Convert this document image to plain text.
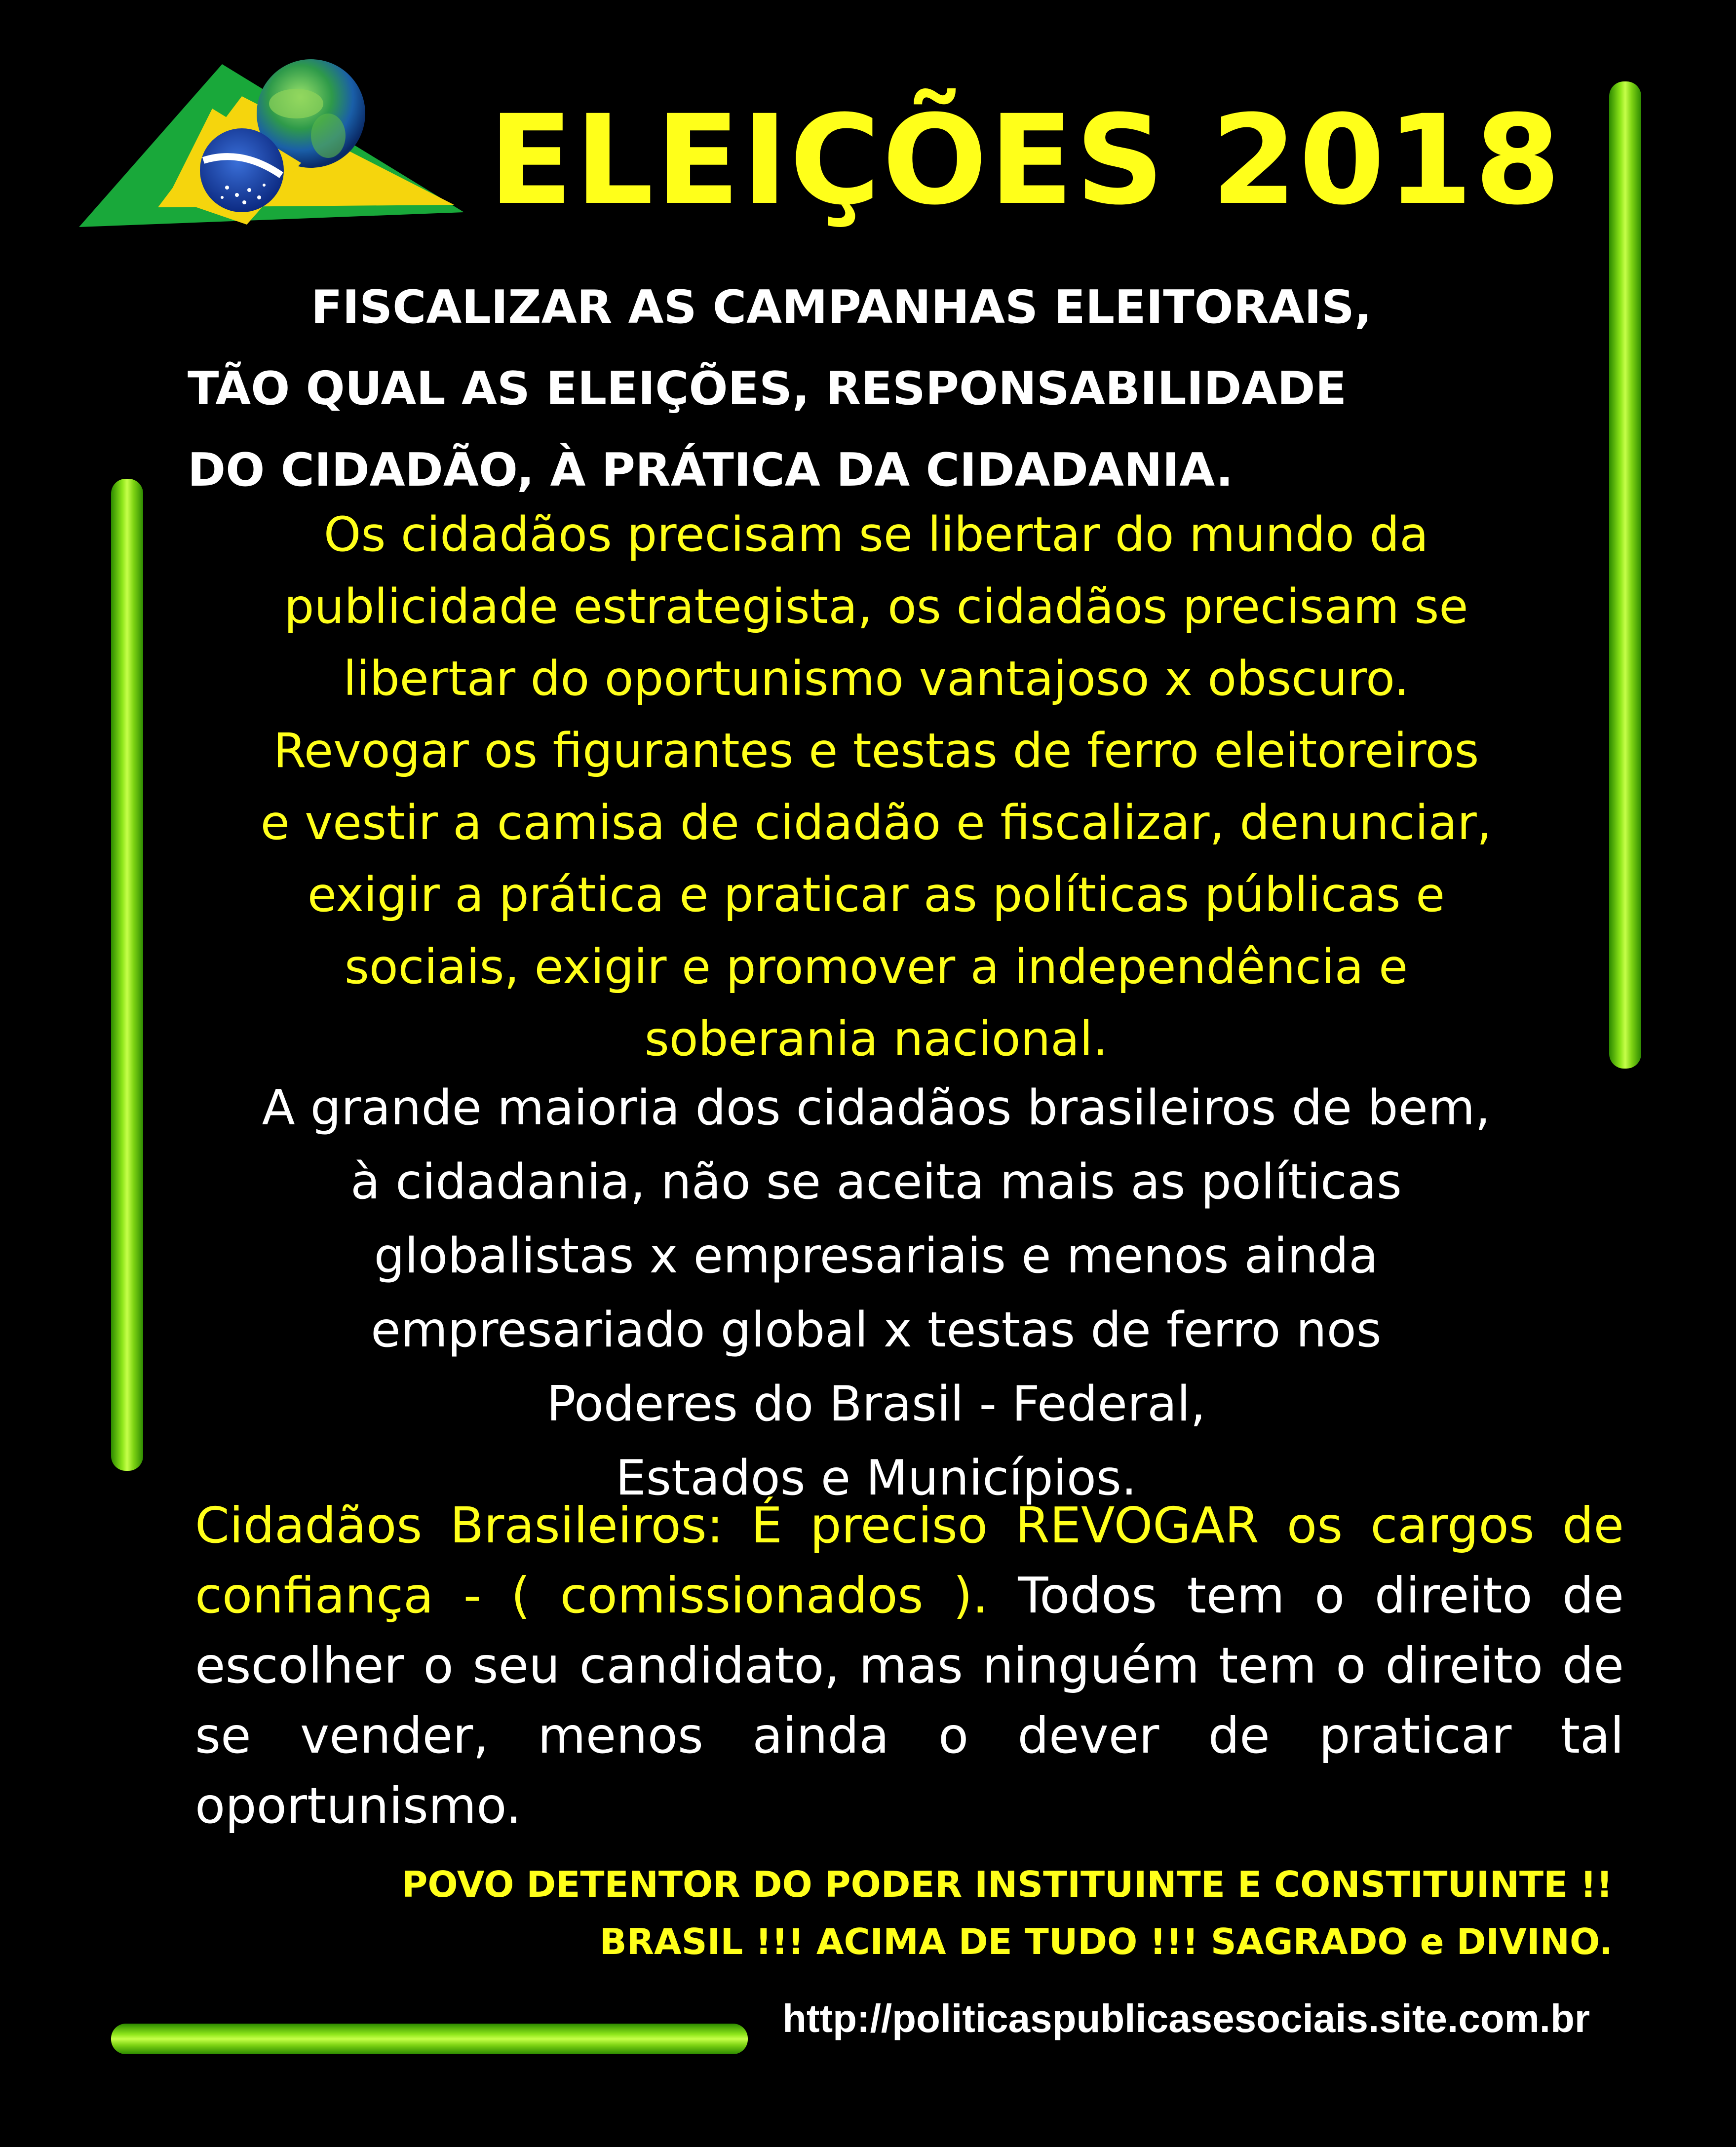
ELEIÇÕES 2018
FISCALIZAR AS CAMPANHAS ELEITORAIS,
TÃO QUAL AS ELEIÇÕES, RESPONSABILIDADE
DO CIDADÃO, À PRÁTICA DA CIDADANIA.
Os cidadãos precisam se libertar do mundo da
publicidade estrategista, os cidadãos precisam se
libertar do oportunismo vantajoso x obscuro.
Revogar os figurantes e testas de ferro eleitoreiros
e vestir a camisa de cidadão e fiscalizar, denunciar,
exigir a prática e praticar as políticas públicas e
sociais, exigir e promover a independência e
soberania nacional.
A grande maioria dos cidadãos brasileiros de bem,
à cidadania, não se aceita mais as políticas
globalistas x empresariais e menos ainda
empresariado global x testas de ferro nos
Poderes do Brasil - Federal,
Estados e Municípios.
Cidadãos Brasileiros: É preciso REVOGAR os cargos de confiança - ( comissionados ). Todos tem o direito de escolher o seu candidato, mas ninguém tem o direito de se vender, menos ainda o dever de praticar tal oportunismo.
POVO DETENTOR DO PODER INSTITUINTE E CONSTITUINTE !!
BRASIL !!! ACIMA DE TUDO !!! SAGRADO e DIVINO.
http://politicaspublicasesociais.site.com.br
